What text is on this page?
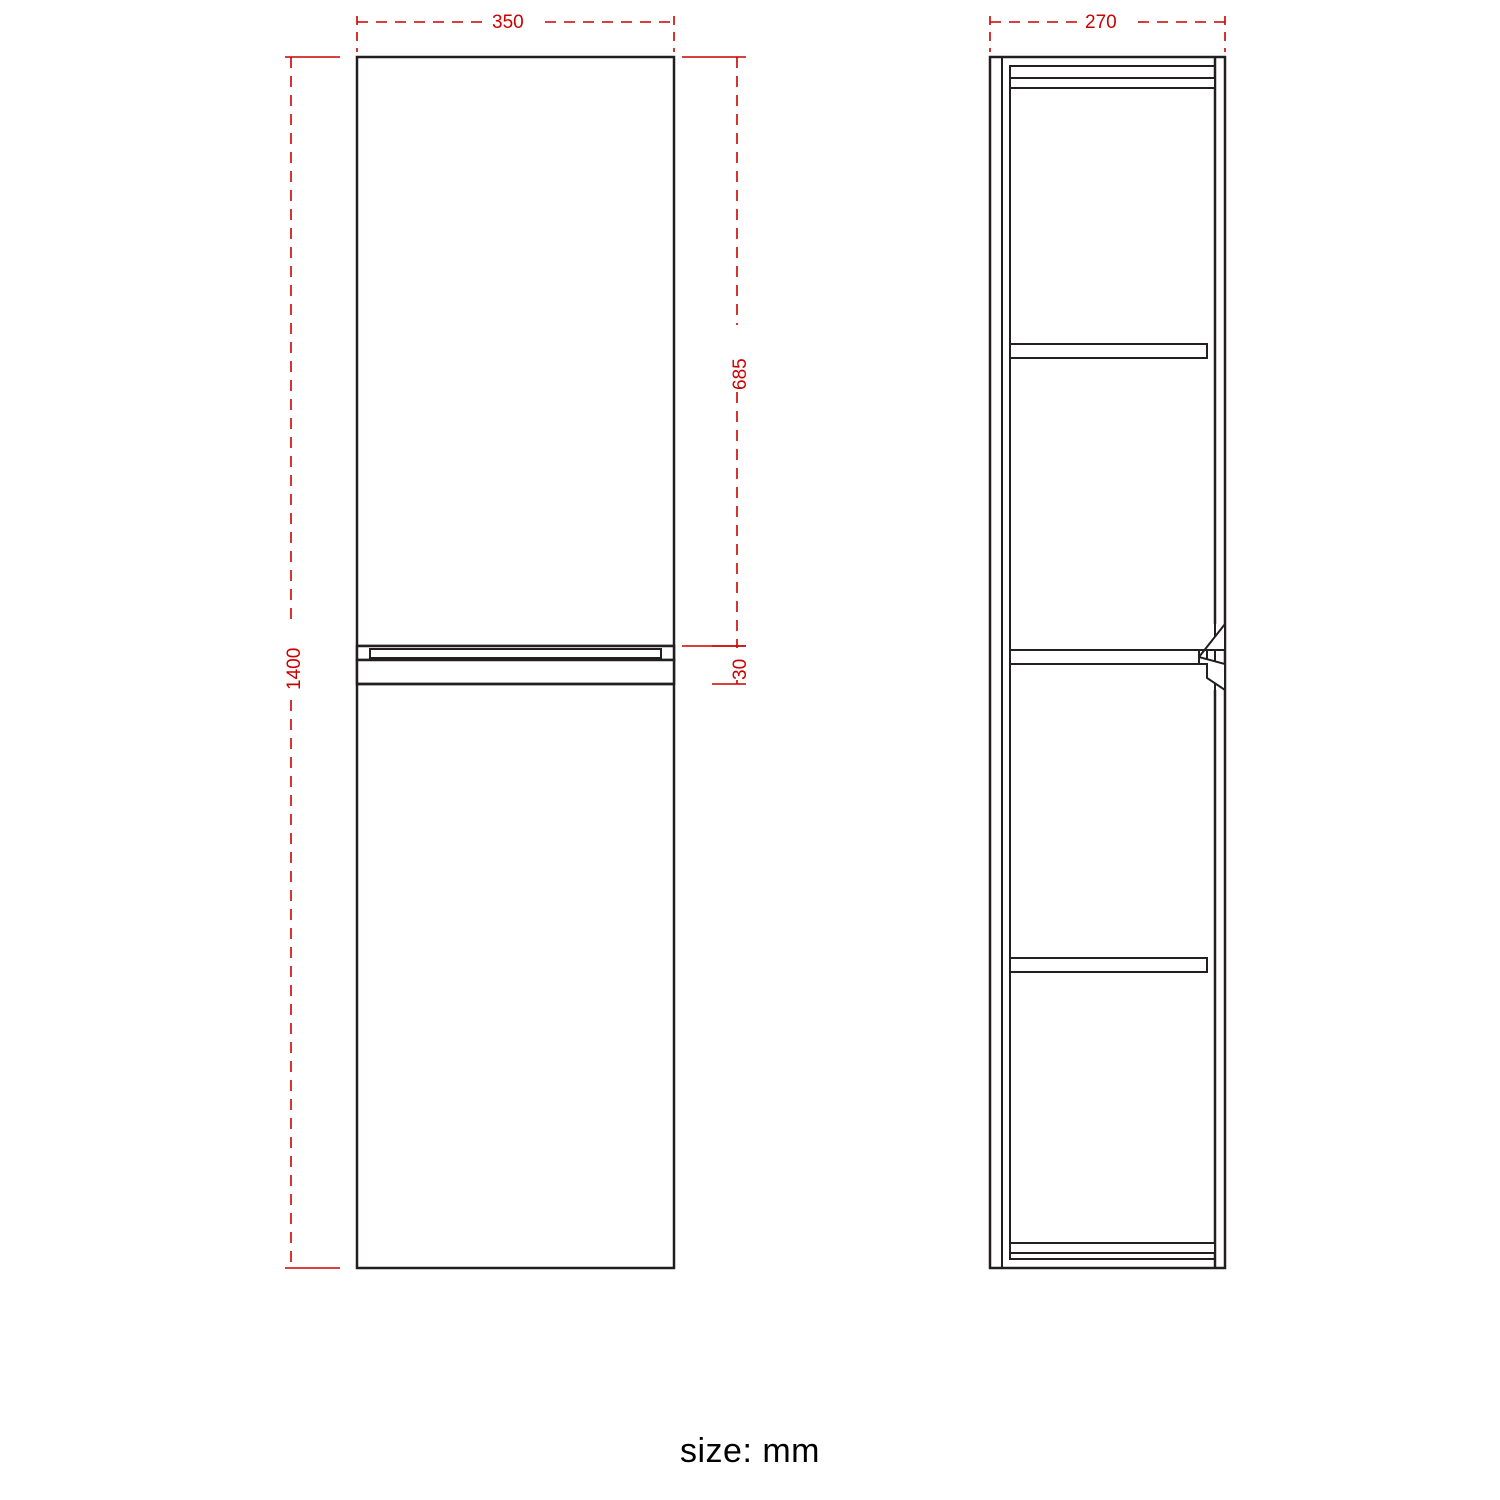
350
1400
685
30
270
size: mm
